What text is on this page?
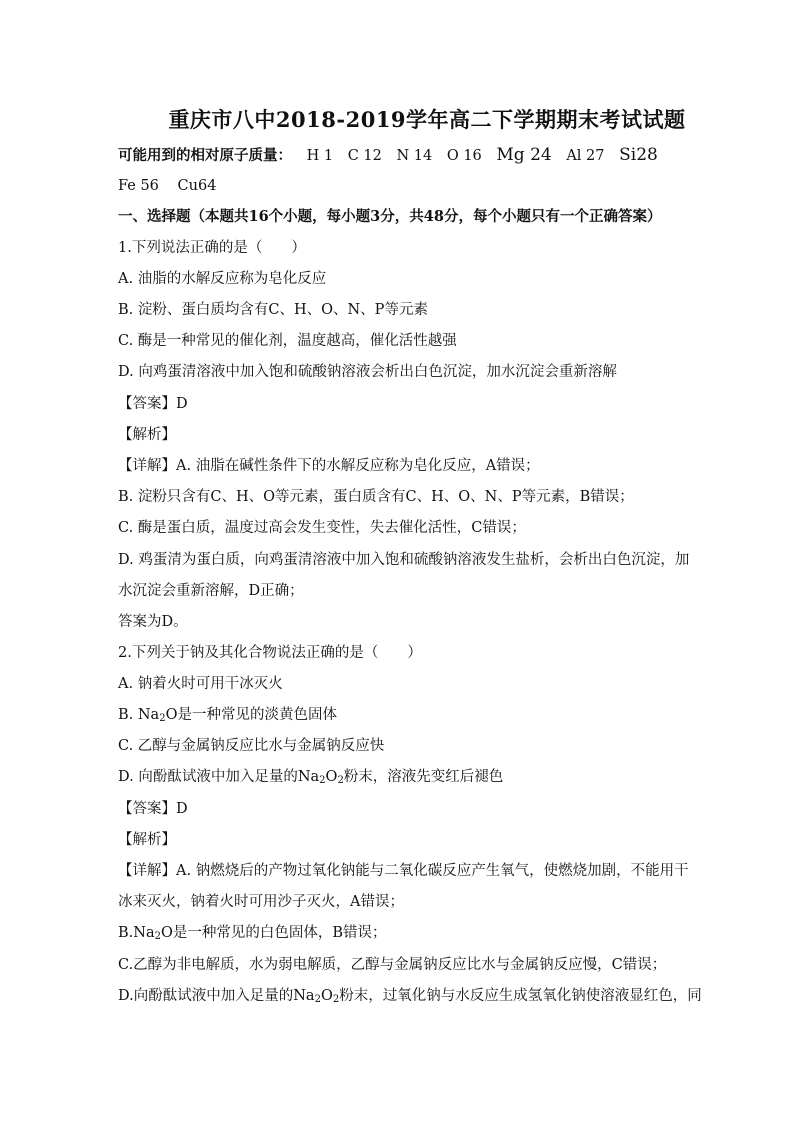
重庆市八中2018-2019学年高二下学期期末考试试题
可能用到的相对原子质量： H 1 C 12 N 14 O 16 Mg 24 Al 27 Si28
Fe 56 Cu64
一、选择题（本题共16个小题，每小题3分，共48分，每个小题只有一个正确答案）
1.下列说法正确的是（　　）
A. 油脂的水解反应称为皂化反应
B. 淀粉、蛋白质均含有C、H、O、N、P等元素
C. 酶是一种常见的催化剂，温度越高，催化活性越强
D. 向鸡蛋清溶液中加入饱和硫酸钠溶液会析出白色沉淀，加水沉淀会重新溶解
【答案】D
【解析】
【详解】A. 油脂在碱性条件下的水解反应称为皂化反应，A错误；
B. 淀粉只含有C、H、O等元素，蛋白质含有C、H、O、N、P等元素，B错误；
C. 酶是蛋白质，温度过高会发生变性，失去催化活性，C错误；
D. 鸡蛋清为蛋白质，向鸡蛋清溶液中加入饱和硫酸钠溶液发生盐析，会析出白色沉淀，加
水沉淀会重新溶解，D正确；
答案为D。
2.下列关于钠及其化合物说法正确的是（　　）
A. 钠着火时可用干冰灭火
B. $Na_2O$是一种常见的淡黄色固体
C. 乙醇与金属钠反应比水与金属钠反应快
D. 向酚酞试液中加入足量的$Na_2O_2$粉末，溶液先变红后褪色
【答案】D
【解析】
【详解】A. 钠燃烧后的产物过氧化钠能与二氧化碳反应产生氧气，使燃烧加剧，不能用干
冰来灭火，钠着火时可用沙子灭火，A错误；
$B.Na_2O$是一种常见的白色固体，B错误；
C.乙醇为非电解质，水为弱电解质，乙醇与金属钠反应比水与金属钠反应慢，C错误；
D.向酚酞试液中加入足量的$Na_2O_2$粉末，过氧化钠与水反应生成氢氧化钠使溶液显红色，同
